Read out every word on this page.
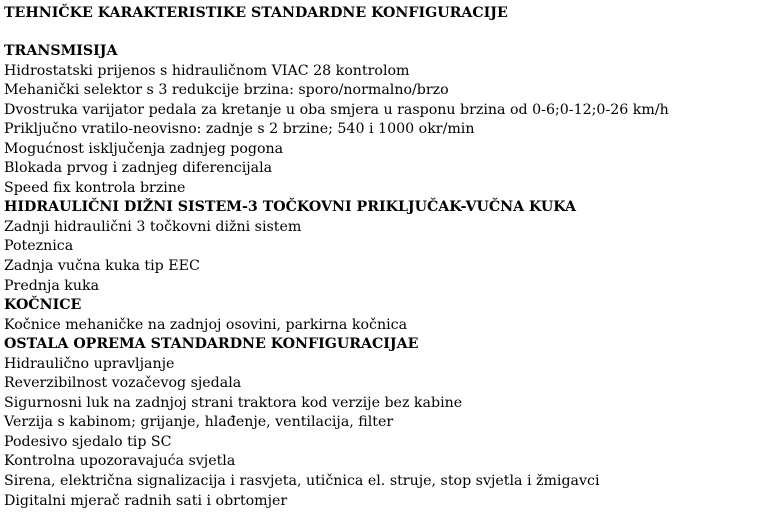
TEHNIČKE KARAKTERISTIKE STANDARDNE KONFIGURACIJE
TRANSMISIJA
Hidrostatski prijenos s hidrauličnom VIAC 28 kontrolom
Mehanički selektor s 3 redukcije brzina: sporo/normalno/brzo
Dvostruka varijator pedala za kretanje u oba smjera u rasponu brzina od 0-6;0-12;0-26 km/h
Priključno vratilo-neovisno: zadnje s 2 brzine; 540 i 1000 okr/min
Mogućnost isključenja zadnjeg pogona
Blokada prvog i zadnjeg diferencijala
Speed fix kontrola brzine
HIDRAULIČNI DIŽNI SISTEM-3 TOČKOVNI PRIKLJUČAK-VUČNA KUKA
Zadnji hidraulični 3 točkovni dižni sistem
Poteznica
Zadnja vučna kuka tip EEC
Prednja kuka
KOČNICE
Kočnice mehaničke na zadnjoj osovini, parkirna kočnica
OSTALA OPREMA STANDARDNE KONFIGURACIJAE
Hidraulično upravljanje
Reverzibilnost vozačevog sjedala
Sigurnosni luk na zadnjoj strani traktora kod verzije bez kabine
Verzija s kabinom; grijanje, hlađenje, ventilacija, filter
Podesivo sjedalo tip SC
Kontrolna upozoravajuća svjetla
Sirena, električna signalizacija i rasvjeta, utičnica el. struje, stop svjetla i žmigavci
Digitalni mjerač radnih sati i obrtomjer
